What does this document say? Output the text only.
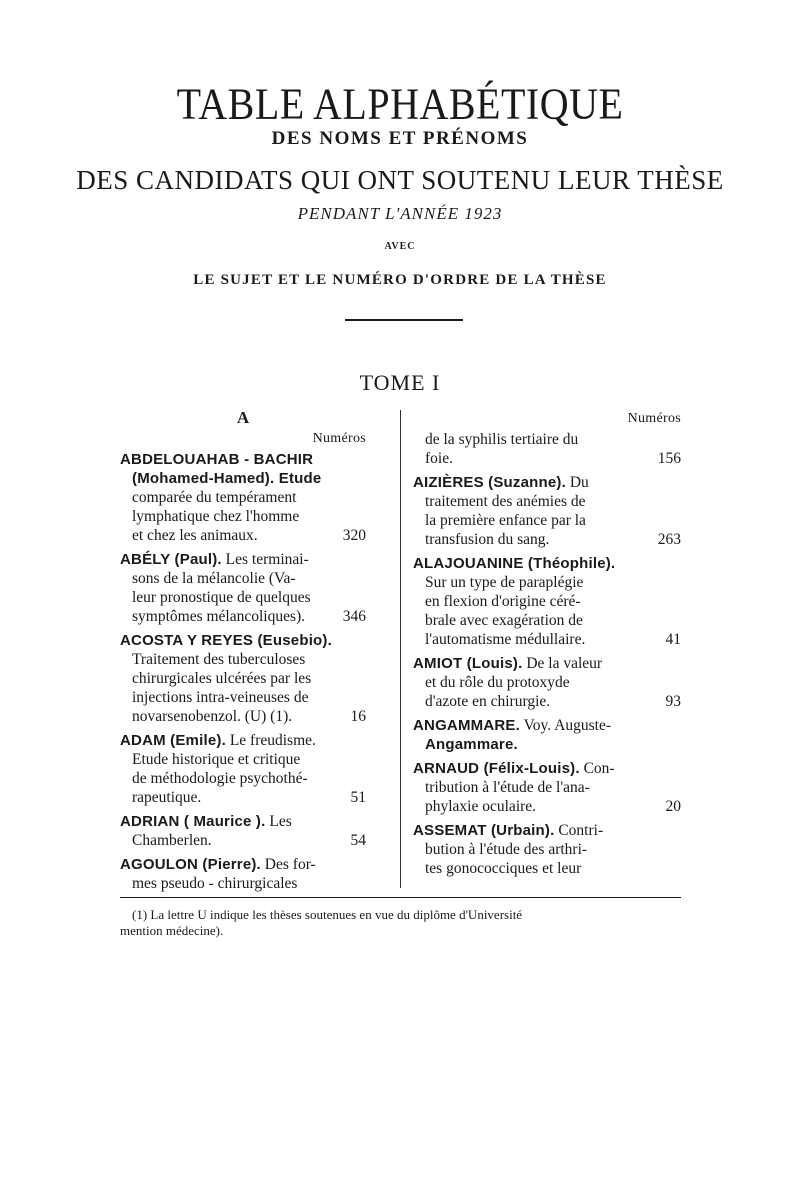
TABLE ALPHABÉTIQUE
DES NOMS ET PRÉNOMS
DES CANDIDATS QUI ONT SOUTENU LEUR THÈSE
PENDANT L'ANNÉE 1923
AVEC
LE SUJET ET LE NUMÉRO D'ORDRE DE LA THÈSE
TOME I
A
Numéros
ABDELOUAHAB - BACHIR
(Mohamed-Hamed). Etude
comparée du tempérament
lymphatique chez l'homme
et chez les animaux.	320
ABÉLY (Paul). Les terminai-
sons de la mélancolie (Va-
leur pronostique de quelques
symptômes mélancoliques).	346
ACOSTA Y REYES (Eusebio).
Traitement des tuberculoses
chirurgicales ulcérées par les
injections intra-veineuses de
novarsenobenzol. (U) (1).	16
ADAM (Emile). Le freudisme.
Etude historique et critique
de méthodologie psychothé-
rapeutique.	51
ADRIAN ( Maurice ). Les
Chamberlen.	54
AGOULON (Pierre). Des for-
mes pseudo - chirurgicales
Numéros
de la syphilis tertiaire du
foie.	156
AIZIÈRES (Suzanne). Du
traitement des anémies de
la première enfance par la
transfusion du sang.	263
ALAJOUANINE (Théophile).
Sur un type de paraplégie
en flexion d'origine céré-
brale avec exagération de
l'automatisme médullaire.	41
AMIOT (Louis). De la valeur
et du rôle du protoxyde
d'azote en chirurgie.	93
ANGAMMARE. Voy. Auguste-
Angammare.
ARNAUD (Félix-Louis). Con-
tribution à l'étude de l'ana-
phylaxie oculaire.	20
ASSEMAT (Urbain). Contri-
bution à l'étude des arthri-
tes gonococciques et leur
(1) La lettre U indique les thèses soutenues en vue du diplôme d'Université
mention médecine).
